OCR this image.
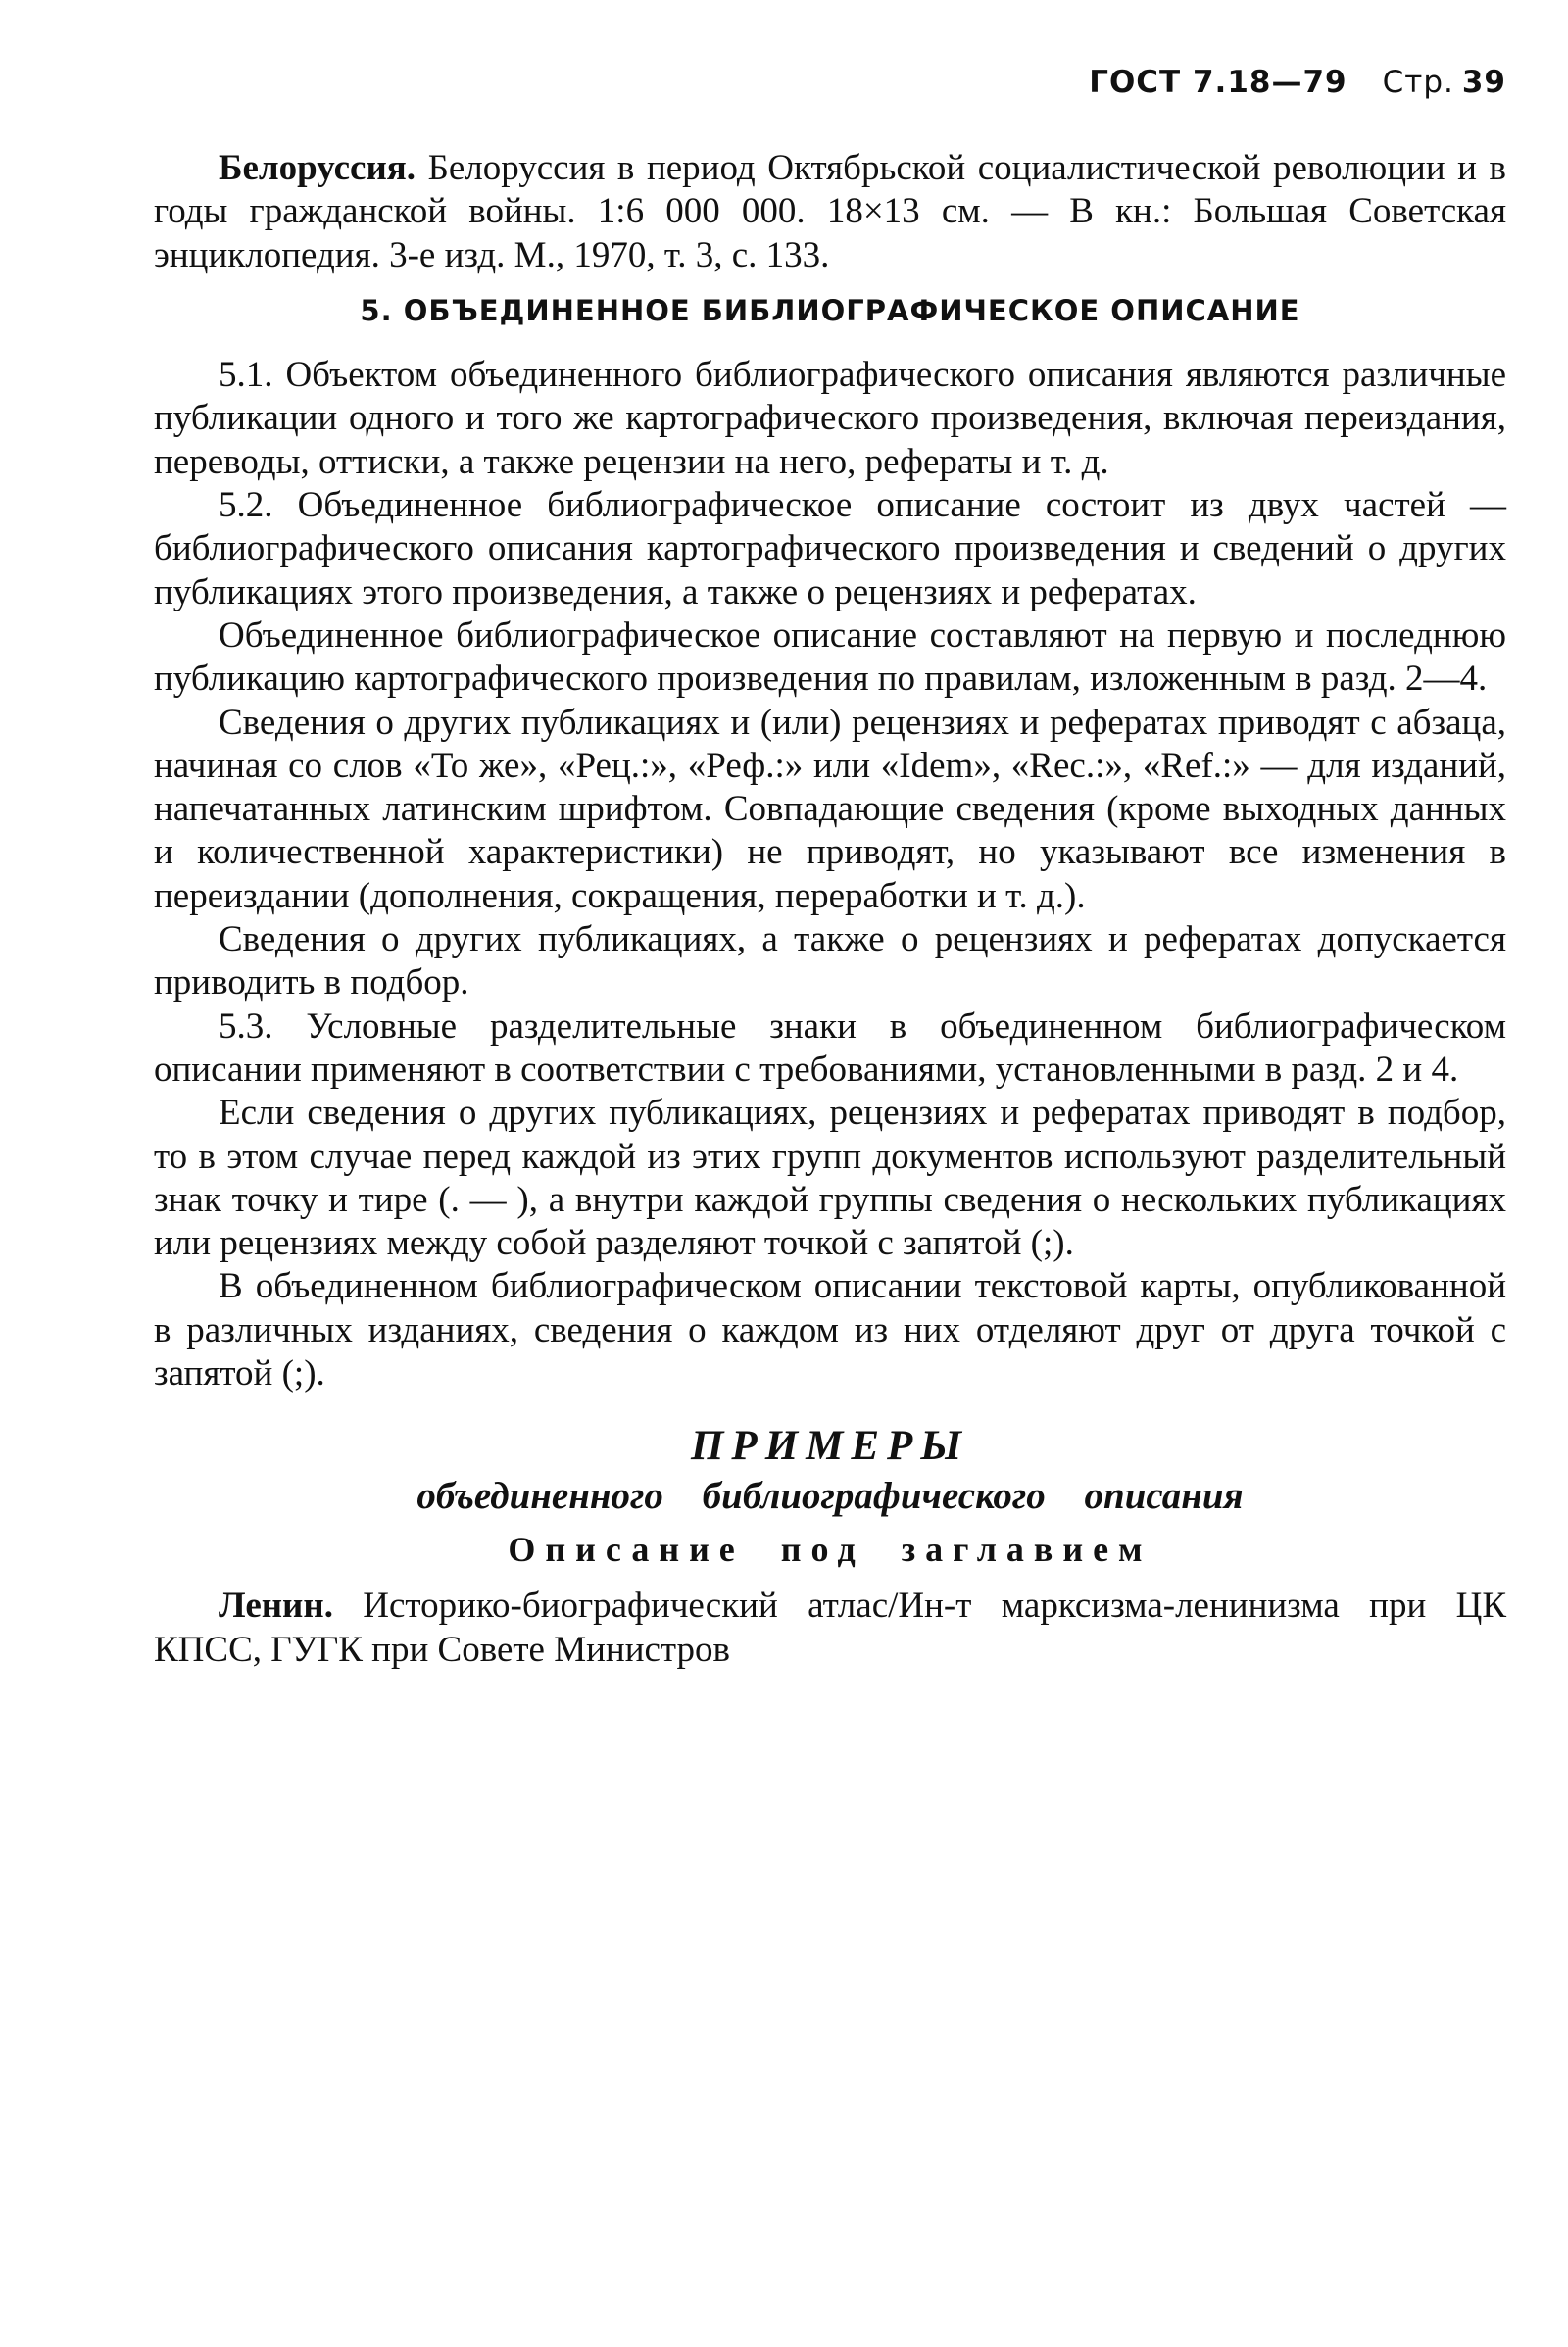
ГОСТ 7.18—79 Стр. 39

Белоруссия. Белоруссия в период Октябрьской социалистической революции и в годы гражданской войны. 1:6 000 000. 18×13 см. — В кн.: Большая Советская энциклопедия. 3-е изд. М., 1970, т. 3, с. 133.

5. ОБЪЕДИНЕННОЕ БИБЛИОГРАФИЧЕСКОЕ ОПИСАНИЕ

5.1. Объектом объединенного библиографического описания являются различные публикации одного и того же картографического произведения, включая переиздания, переводы, оттиски, а также рецензии на него, рефераты и т. д.

5.2. Объединенное библиографическое описание состоит из двух частей — библиографического описания картографического произведения и сведений о других публикациях этого произведения, а также о рецензиях и рефератах.

Объединенное библиографическое описание составляют на первую и последнюю публикацию картографического произведения по правилам, изложенным в разд. 2—4.

Сведения о других публикациях и (или) рецензиях и рефератах приводят с абзаца, начиная со слов «То же», «Рец.:», «Реф.:» или «Idem», «Rec.:», «Ref.:» — для изданий, напечатанных латинским шрифтом. Совпадающие сведения (кроме выходных данных и количественной характеристики) не приводят, но указывают все изменения в переиздании (дополнения, сокращения, переработки и т. д.).

Сведения о других публикациях, а также о рецензиях и рефератах допускается приводить в подбор.

5.3. Условные разделительные знаки в объединенном библиографическом описании применяют в соответствии с требованиями, установленными в разд. 2 и 4.

Если сведения о других публикациях, рецензиях и рефератах приводят в подбор, то в этом случае перед каждой из этих групп документов используют разделительный знак точку и тире (. — ), а внутри каждой группы сведения о нескольких публикациях или рецензиях между собой разделяют точкой с запятой (;).

В объединенном библиографическом описании текстовой карты, опубликованной в различных изданиях, сведения о каждом из них отделяют друг от друга точкой с запятой (;).

ПРИМЕРЫ
объединенного библиографического описания
Описание под заглавием

Ленин. Историко-биографический атлас/Ин-т марксизма-ленинизма при ЦК КПСС, ГУГК при Совете Министров
